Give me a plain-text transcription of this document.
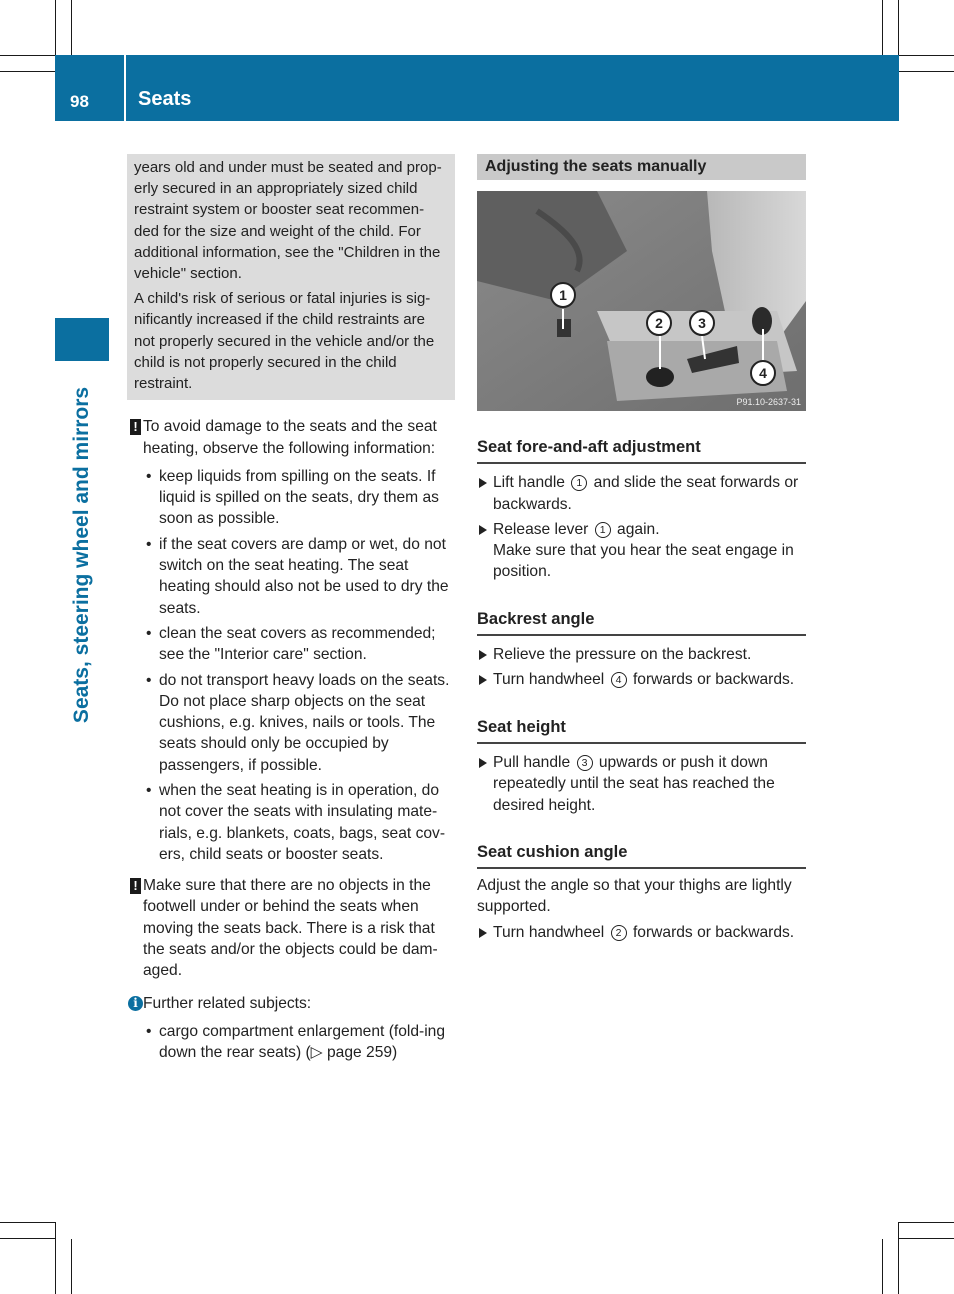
98	Seats
Seats, steering wheel and mirrors

years old and under must be seated and prop-erly secured in an appropriately sized child restraint system or booster seat recommen-ded for the size and weight of the child. For additional information, see the "Children in the vehicle" section.

A child's risk of serious or fatal injuries is sig-nificantly increased if the child restraints are not properly secured in the vehicle and/or the child is not properly secured in the child restraint.

! To avoid damage to the seats and the seat heating, observe the following information:
• keep liquids from spilling on the seats. If liquid is spilled on the seats, dry them as soon as possible.
• if the seat covers are damp or wet, do not switch on the seat heating. The seat heating should also not be used to dry the seats.
• clean the seat covers as recommended; see the "Interior care" section.
• do not transport heavy loads on the seats. Do not place sharp objects on the seat cushions, e.g. knives, nails or tools. The seats should only be occupied by passengers, if possible.
• when the seat heating is in operation, do not cover the seats with insulating mate-rials, e.g. blankets, coats, bags, seat cov-ers, child seats or booster seats.
! Make sure that there are no objects in the footwell under or behind the seats when moving the seats back. There is a risk that the seats and/or the objects could be dam-aged.
i Further related subjects:
• cargo compartment enlargement (fold-ing down the rear seats) (▷ page 259)
Adjusting the seats manually
1
2	3
4
P91.10-2637-31
Seat fore-and-aft adjustment
Lift handle 1 and slide the seat forwards or backwards.
Release lever 1 again.
Make sure that you hear the seat engage in position.
Backrest angle
Relieve the pressure on the backrest.
Turn handwheel 4 forwards or backwards.
Seat height
Pull handle 3 upwards or push it down repeatedly until the seat has reached the desired height.
Seat cushion angle

Adjust the angle so that your thighs are lightly supported.

Turn handwheel 2 forwards or backwards.
